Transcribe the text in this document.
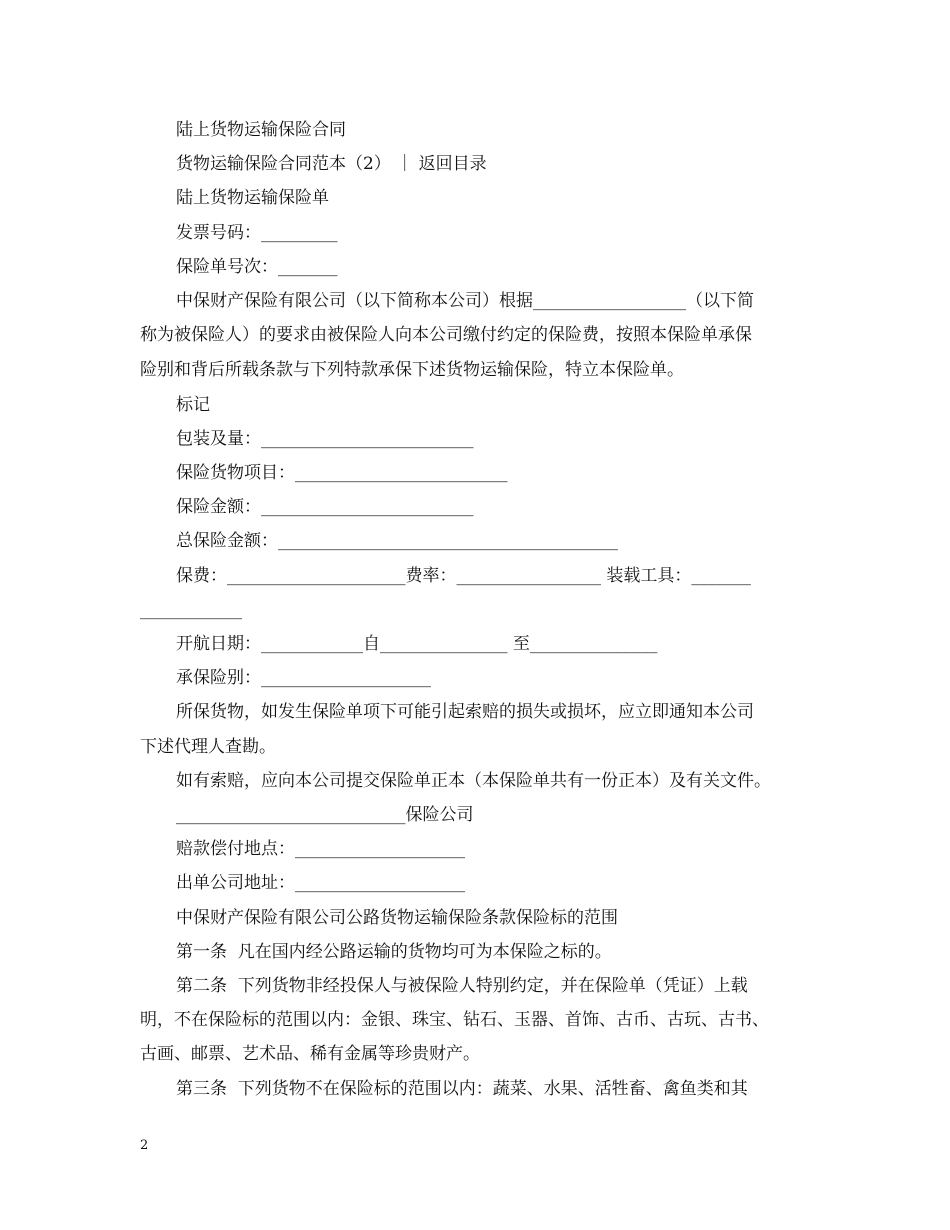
陆上货物运输保险合同
货物运输保险合同范本（2） ｜ 返回目录
陆上货物运输保险单
发票号码：_________
保险单号次：_______
中保财产保险有限公司（以下简称本公司）根据__________________（以下简
称为被保险人）的要求由被保险人向本公司缴付约定的保险费，按照本保险单承保
险别和背后所载条款与下列特款承保下述货物运输保险，特立本保险单。
标记
包装及量：_________________________
保险货物项目：_________________________
保险金额：_________________________
总保险金额：________________________________________
保费：_____________________费率：_________________ 装载工具：_______
____________
开航日期：____________自_______________ 至_______________
承保险别：____________________
所保货物，如发生保险单项下可能引起索赔的损失或损坏，应立即通知本公司
下述代理人查勘。
如有索赔，应向本公司提交保险单正本（本保险单共有一份正本）及有关文件。
___________________________保险公司
赔款偿付地点：____________________
出单公司地址：____________________
中保财产保险有限公司公路货物运输保险条款保险标的范围
第一条  凡在国内经公路运输的货物均可为本保险之标的。
第二条  下列货物非经投保人与被保险人特别约定，并在保险单（凭证）上载
明，不在保险标的范围以内：金银、珠宝、钻石、玉器、首饰、古币、古玩、古书、
古画、邮票、艺术品、稀有金属等珍贵财产。
第三条  下列货物不在保险标的范围以内：蔬菜、水果、活牲畜、禽鱼类和其
2
